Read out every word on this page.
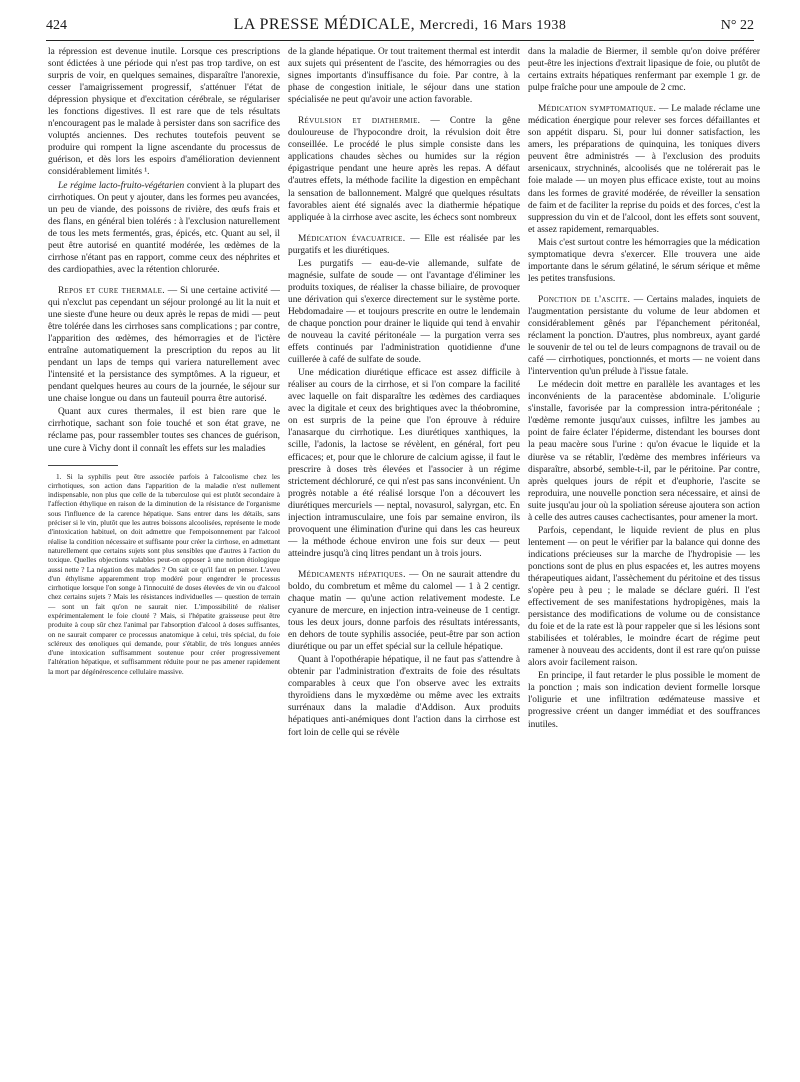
424	LA PRESSE MÉDICALE, Mercredi, 16 Mars 1938	N° 22

la répression est devenue inutile. Lorsque ces prescriptions sont édictées à une période qui n'est pas trop tardive, on est surpris de voir, en quelques semaines, disparaître l'anorexie, cesser l'amaigrissement progressif, s'atténuer l'état de dépression physique et d'excitation cérébrale, se régulariser les fonctions digestives. Il est rare que de tels résultats n'encouragent pas le malade à persister dans son sacrifice des voluptés anciennes. Des rechutes toutefois peuvent se produire qui rompent la ligne ascendante du processus de guérison, et dès lors les espoirs d'amélioration deviennent considérablement limités ¹.

Le régime lacto-fruito-végétarien convient à la plupart des cirrhotiques. On peut y ajouter, dans les formes peu avancées, un peu de viande, des poissons de rivière, des œufs frais et des flans, en général bien tolérés : à l'exclusion naturellement de tous les mets fermentés, gras, épicés, etc. Quant au sel, il peut être autorisé en quantité modérée, les œdèmes de la cirrhose n'étant pas en rapport, comme ceux des néphrites et des cardiopathies, avec la rétention chlorurée.

Repos et cure thermale. — Si une certaine activité — qui n'exclut pas cependant un séjour prolongé au lit la nuit et une sieste d'une heure ou deux après le repas de midi — peut être tolérée dans les cirrhoses sans complications ; par contre, l'apparition des œdèmes, des hémorragies et de l'ictère entraîne automatiquement la prescription du repos au lit pendant un laps de temps qui variera naturellement avec l'intensité et la persistance des symptômes. A la rigueur, et pendant quelques heures au cours de la journée, le séjour sur une chaise longue ou dans un fauteuil pourra être autorisé.

Quant aux cures thermales, il est bien rare que le cirrhotique, sachant son foie touché et son état grave, ne réclame pas, pour rassembler toutes ses chances de guérison, une cure à Vichy dont il connaît les effets sur les maladies

1. Si la syphilis peut être associée parfois à l'alcoolisme chez les cirrhotiques, son action dans l'apparition de la maladie n'est nullement indispensable, non plus que celle de la tuberculose qui est plutôt secondaire à l'affection éthylique en raison de la diminution de la résistance de l'organisme sous l'influence de la carence hépatique. Sans entrer dans les détails, sans préciser si le vin, plutôt que les autres boissons alcoolisées, représente le mode d'intoxication habituel, on doit admettre que l'empoisonnement par l'alcool réalise la condition nécessaire et suffisante pour créer la cirrhose, en admettant naturellement que certains sujets sont plus sensibles que d'autres à l'action du toxique. Quelles objections valables peut-on opposer à une notion étiologique aussi nette ? La négation des malades ? On sait ce qu'il faut en penser. L'aveu d'un éthylisme apparemment trop modéré pour engendrer le processus cirrhotique lorsque l'on songe à l'innocuité de doses élevées de vin ou d'alcool chez certains sujets ? Mais les résistances individuelles — question de terrain — sont un fait qu'on ne saurait nier. L'impossibilité de réaliser expérimentalement le foie clouté ? Mais, si l'hépatite graisseuse peut être produite à coup sûr chez l'animal par l'absorption d'alcool à doses suffisantes, on ne saurait comparer ce processus anatomique à celui, très spécial, du foie scléreux des œnoliques qui demande, pour s'établir, de très longues années d'une intoxication suffisamment soutenue pour créer progressivement l'altération hépatique, et suffisamment réduite pour ne pas amener rapidement la mort par dégénérescence cellulaire massive.

de la glande hépatique. Or tout traitement thermal est interdit aux sujets qui présentent de l'ascite, des hémorragies ou des signes importants d'insuffisance du foie. Par contre, à la phase de congestion initiale, le séjour dans une station spécialisée ne peut qu'avoir une action favorable.

Révulsion et diathermie. — Contre la gêne douloureuse de l'hypocondre droit, la révulsion doit être conseillée. Le procédé le plus simple consiste dans les applications chaudes sèches ou humides sur la région épigastrique pendant une heure après les repas. A défaut d'autres effets, la méthode facilite la digestion en empêchant la sensation de ballonnement. Malgré que quelques résultats favorables aient été signalés avec la diathermie hépatique appliquée à la cirrhose avec ascite, les échecs sont nombreux

Médication évacuatrice. — Elle est réalisée par les purgatifs et les diurétiques.

Les purgatifs — eau-de-vie allemande, sulfate de magnésie, sulfate de soude — ont l'avantage d'éliminer les produits toxiques, de réaliser la chasse biliaire, de provoquer une dérivation qui s'exerce directement sur le système porte. Hebdomadaire — et toujours prescrite en outre le lendemain de chaque ponction pour drainer le liquide qui tend à envahir de nouveau la cavité péritonéale — la purgation verra ses effets continués par l'administration quotidienne d'une cuillerée à café de sulfate de soude.

Une médication diurétique efficace est assez difficile à réaliser au cours de la cirrhose, et si l'on compare la facilité avec laquelle on fait disparaître les œdèmes des cardiaques avec la digitale et ceux des brightiques avec la théobromine, on est surpris de la peine que l'on éprouve à réduire l'anasarque du cirrhotique. Les diurétiques xanthiques, la scille, l'adonis, la lactose se révèlent, en général, fort peu efficaces; et, pour que le chlorure de calcium agisse, il faut le prescrire à doses très élevées et l'associer à un régime strictement déchloruré, ce qui n'est pas sans inconvénient. Un progrès notable a été réalisé lorsque l'on a découvert les diurétiques mercuriels — neptal, novasurol, salyrgan, etc. En injection intramusculaire, une fois par semaine environ, ils provoquent une élimination d'urine qui dans les cas heureux — la méthode échoue environ une fois sur deux — peut atteindre jusqu'à cinq litres pendant un à trois jours.

Médicaments hépatiques. — On ne saurait attendre du boldo, du combretum et même du calomel — 1 à 2 centigr. chaque matin — qu'une action relativement modeste. Le cyanure de mercure, en injection intra-veineuse de 1 centigr. tous les deux jours, donne parfois des résultats intéressants, en dehors de toute syphilis associée, peut-être par son action diurétique ou par un effet spécial sur la cellule hépatique.

Quant à l'opothérapie hépatique, il ne faut pas s'attendre à obtenir par l'administration d'extraits de foie des résultats comparables à ceux que l'on observe avec les extraits thyroïdiens dans le myxœdème ou même avec les extraits surrénaux dans la maladie d'Addison. Aux produits hépatiques anti-anémiques dont l'action dans la cirrhose est fort loin de celle qui se révèle

dans la maladie de Biermer, il semble qu'on doive préférer peut-être les injections d'extrait lipasique de foie, ou plutôt de certains extraits hépatiques renfermant par exemple 1 gr. de pulpe fraîche pour une ampoule de 2 cmc.

Médication symptomatique. — Le malade réclame une médication énergique pour relever ses forces défaillantes et son appétit disparu. Si, pour lui donner satisfaction, les amers, les préparations de quinquina, les toniques divers peuvent être administrés — à l'exclusion des produits arsenicaux, strychninés, alcoolisés que ne tolérerait pas le foie malade — un moyen plus efficace existe, tout au moins dans les formes de gravité modérée, de réveiller la sensation de faim et de faciliter la reprise du poids et des forces, c'est la suppression du vin et de l'alcool, dont les effets sont souvent, et assez rapidement, remarquables.

Mais c'est surtout contre les hémorragies que la médication symptomatique devra s'exercer. Elle trouvera une aide importante dans le sérum gélatiné, le sérum sérique et même les petites transfusions.

Ponction de l'ascite. — Certains malades, inquiets de l'augmentation persistante du volume de leur abdomen et considérablement gênés par l'épanchement péritonéal, réclament la ponction. D'autres, plus nombreux, ayant gardé le souvenir de tel ou tel de leurs compagnons de travail ou de café — cirrhotiques, ponctionnés, et morts — ne voient dans l'intervention qu'un prélude à l'issue fatale.

Le médecin doit mettre en parallèle les avantages et les inconvénients de la paracentèse abdominale. L'oligurie s'installe, favorisée par la compression intra-péritonéale ; l'œdème remonte jusqu'aux cuisses, infiltre les jambes au point de faire éclater l'épiderme, distendant les bourses dont la peau macère sous l'urine : qu'on évacue le liquide et la diurèse va se rétablir, l'œdème des membres inférieurs va disparaître, absorbé, semble-t-il, par le péritoine. Par contre, après quelques jours de répit et d'euphorie, l'ascite se reproduira, une nouvelle ponction sera nécessaire, et ainsi de suite jusqu'au jour où la spoliation séreuse ajoutera son action à celle des autres causes cachectisantes, pour amener la mort.

Parfois, cependant, le liquide revient de plus en plus lentement — on peut le vérifier par la balance qui donne des indications précieuses sur la marche de l'hydropisie — les ponctions sont de plus en plus espacées et, les autres moyens thérapeutiques aidant, l'assèchement du péritoine et des tissus s'opère peu à peu ; le malade se déclare guéri. Il l'est effectivement de ses manifestations hydropigènes, mais la persistance des modifications de volume ou de consistance du foie et de la rate est là pour rappeler que si les lésions sont stabilisées et tolérables, le moindre écart de régime peut ramener à nouveau des accidents, dont il est rare qu'on puisse alors avoir facilement raison.

En principe, il faut retarder le plus possible le moment de la ponction ; mais son indication devient formelle lorsque l'oligurie et une infiltration œdémateuse massive et progressive créent un danger immédiat et des souffrances inutiles.
